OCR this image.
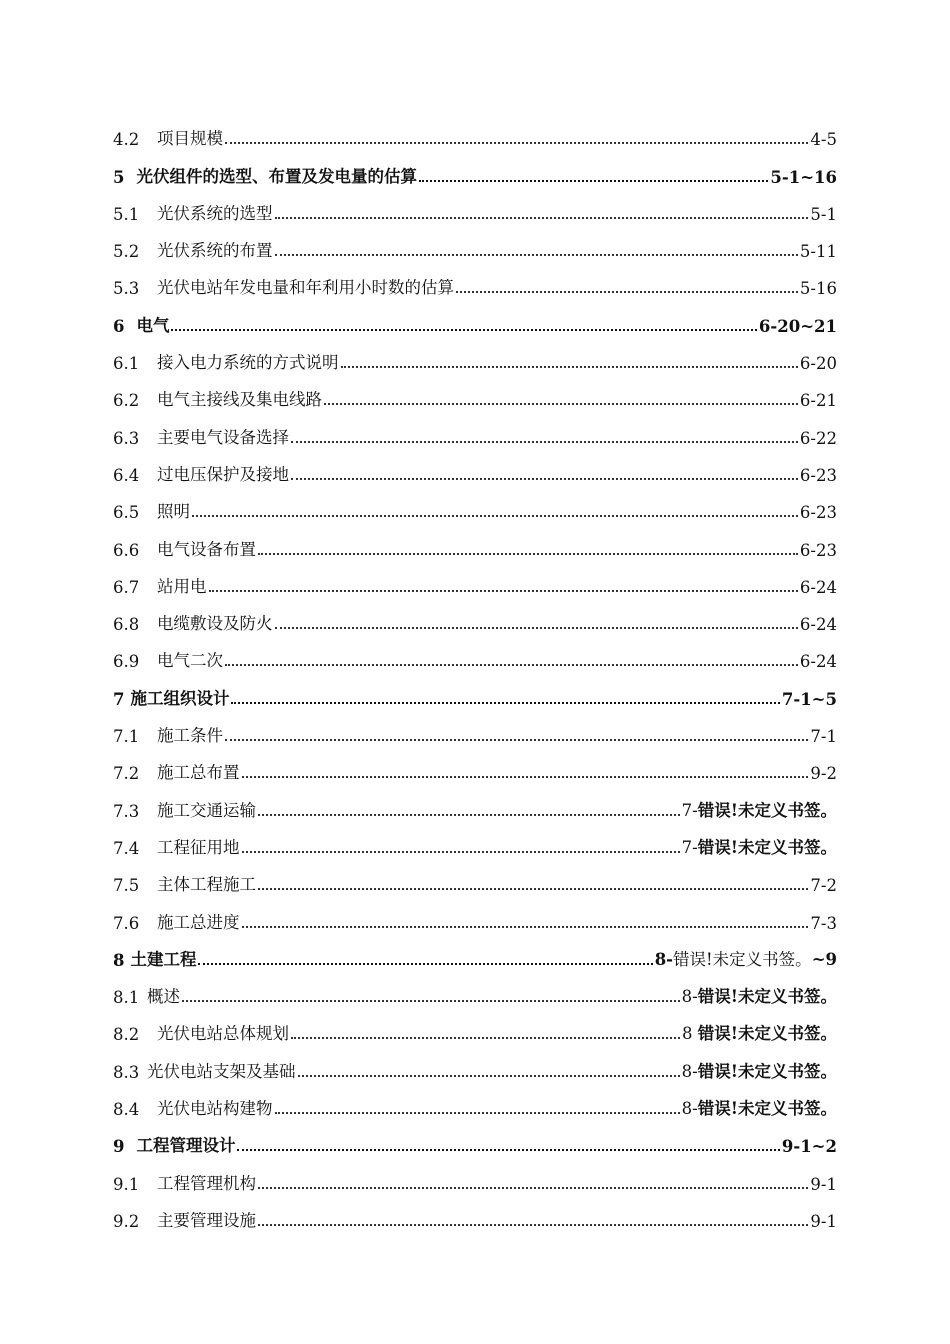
4.2	项目规模	4-5
5 光伏组件的选型、布置及发电量的估算	5-1~16
5.1	光伏系统的选型	5-1
5.2	光伏系统的布置	5-11
5.3	光伏电站年发电量和年利用小时数的估算	5-16
6 电气	6-20~21
6.1	接入电力系统的方式说明	6-20
6.2	电气主接线及集电线路	6-21
6.3	主要电气设备选择	6-22
6.4	过电压保护及接地	6-23
6.5	照明	6-23
6.6	电气设备布置	6-23
6.7	站用电	6-24
6.8	电缆敷设及防火	6-24
6.9	电气二次	6-24
7 施工组织设计	7-1~5
7.1	施工条件	7-1
7.2	施工总布置	9-2
7.3	施工交通运输	7-错误!未定义书签。
7.4	工程征用地	7-错误!未定义书签。
7.5	主体工程施工	7-2
7.6	施工总进度	7-3
8 土建工程	8-错误!未定义书签。~9
8.1 概述	8-错误!未定义书签。
8.2	光伏电站总体规划	8 错误!未定义书签。
8.3 光伏电站支架及基础	8-错误!未定义书签。
8.4	光伏电站构建物	8-错误!未定义书签。
9 工程管理设计	9-1~2
9.1	工程管理机构	9-1
9.2	主要管理设施	9-1
